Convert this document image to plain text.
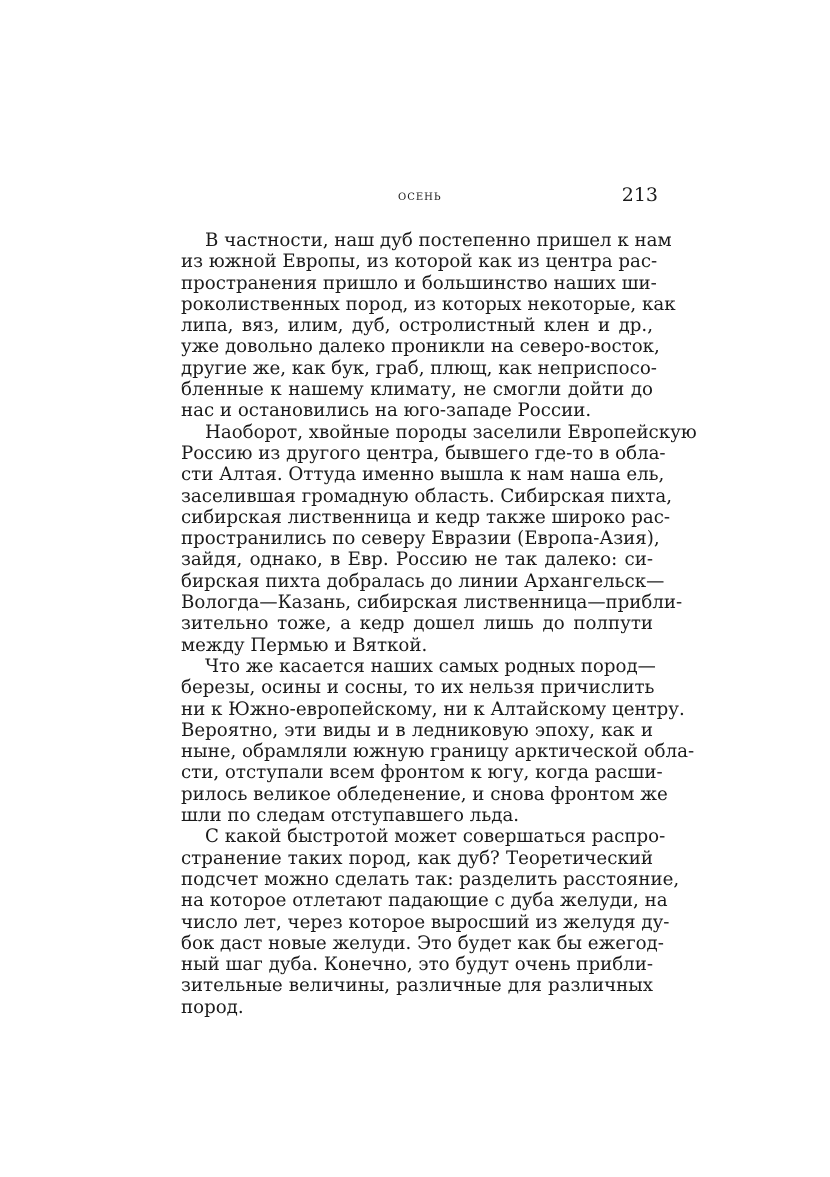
осень	213
В частности, наш дуб постепенно пришел к нам
из южной Европы, из которой как из центра рас-
пространения пришло и большинство наших ши-
роколиственных пород, из которых некоторые, как
липа, вяз, илим, дуб, остролистный клен и др.,
уже довольно далеко проникли на северо-восток,
другие же, как бук, граб, плющ, как неприспосо-
бленные к нашему климату, не смогли дойти до
нас и остановились на юго-западе России.
Наоборот, хвойные породы заселили Европейскую
Россию из другого центра, бывшего где-то в обла-
сти Алтая. Оттуда именно вышла к нам наша ель,
заселившая громадную область. Сибирская пихта,
сибирская лиственница и кедр также широко рас-
пространились по северу Евразии (Европа-Азия),
зайдя, однако, в Евр. Россию не так далеко: си-
бирская пихта добралась до линии Архангельск—
Вологда—Казань, сибирская лиственница—прибли-
зительно тоже, а кедр дошел лишь до полпути
между Пермью и Вяткой.
Что же касается наших самых родных пород—
березы, осины и сосны, то их нельзя причислить
ни к Южно-европейскому, ни к Алтайскому центру.
Вероятно, эти виды и в ледниковую эпоху, как и
ныне, обрамляли южную границу арктической обла-
сти, отступали всем фронтом к югу, когда расши-
рилось великое обледенение, и снова фронтом же
шли по следам отступавшего льда.
С какой быстротой может совершаться распро-
странение таких пород, как дуб? Теоретический
подсчет можно сделать так: разделить расстояние,
на которое отлетают падающие с дуба желуди, на
число лет, через которое выросший из желудя ду-
бок даст новые желуди. Это будет как бы ежегод-
ный шаг дуба. Конечно, это будут очень прибли-
зительные величины, различные для различных
пород.
